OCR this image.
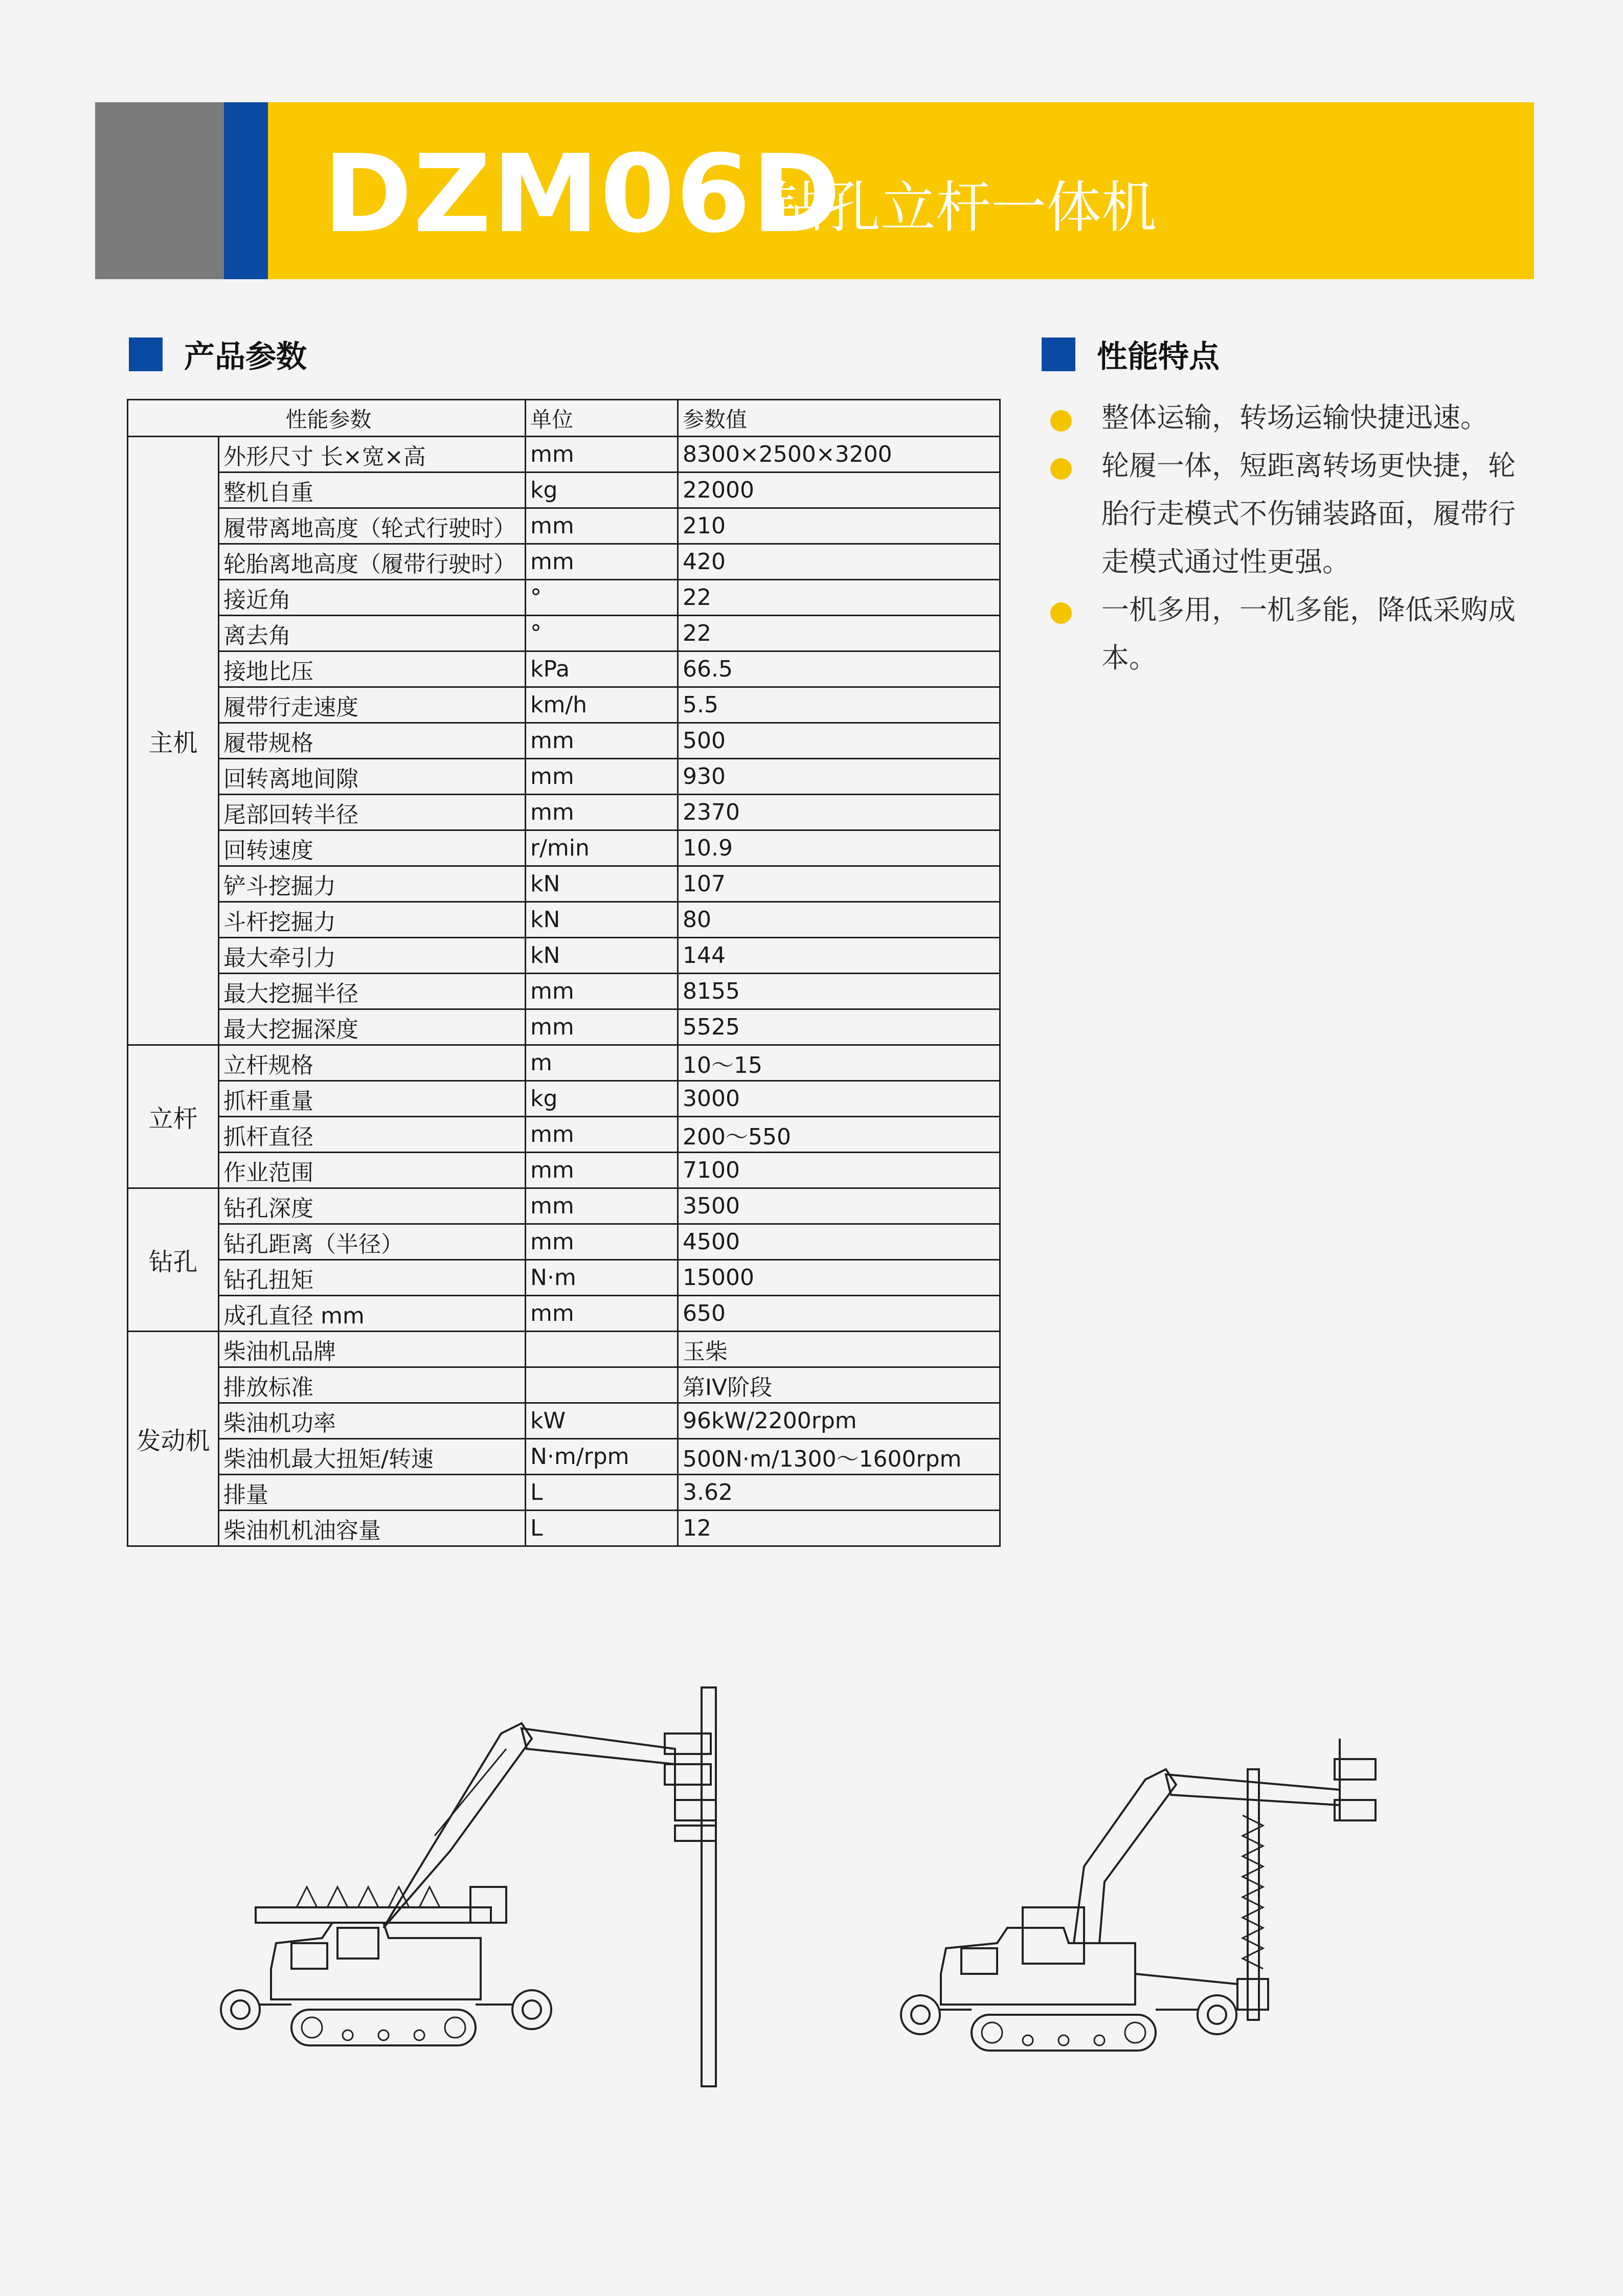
DZM06D
钻孔立杆一体机
产品参数	性能特点
性能参数		单位	参数值
主机	外形尺寸 长×宽×高	mm	8300×2500×3200
	整机自重	kg	22000
	履带离地高度（轮式行驶时）	mm	210
	轮胎离地高度（履带行驶时）	mm	420
	接近角	°	22
	离去角	°	22
	接地比压	kPa	66.5
	履带行走速度	km/h	5.5
	履带规格	mm	500
	回转离地间隙	mm	930
	尾部回转半径	mm	2370
	回转速度	r/min	10.9
	铲斗挖掘力	kN	107
	斗杆挖掘力	kN	80
	最大牵引力	kN	144
	最大挖掘半径	mm	8155
	最大挖掘深度	mm	5525
立杆	立杆规格	m	10～15
	抓杆重量	kg	3000
	抓杆直径	mm	200～550
	作业范围	mm	7100
钻孔	钻孔深度	mm	3500
	钻孔距离（半径）	mm	4500
	钻孔扭矩	N·m	15000
	成孔直径 mm	mm	650
发动机	柴油机品牌		玉柴
	排放标准		第IV阶段
	柴油机功率	kW	96kW/2200rpm
	柴油机最大扭矩/转速	N·m/rpm	500N·m/1300～1600rpm
	排量	L	3.62
	柴油机机油容量	L	12
整体运输，转场运输快捷迅速。
轮履一体，短距离转场更快捷，轮胎行走模式不伤铺装路面，履带行走模式通过性更强。
一机多用，一机多能，降低采购成本。
